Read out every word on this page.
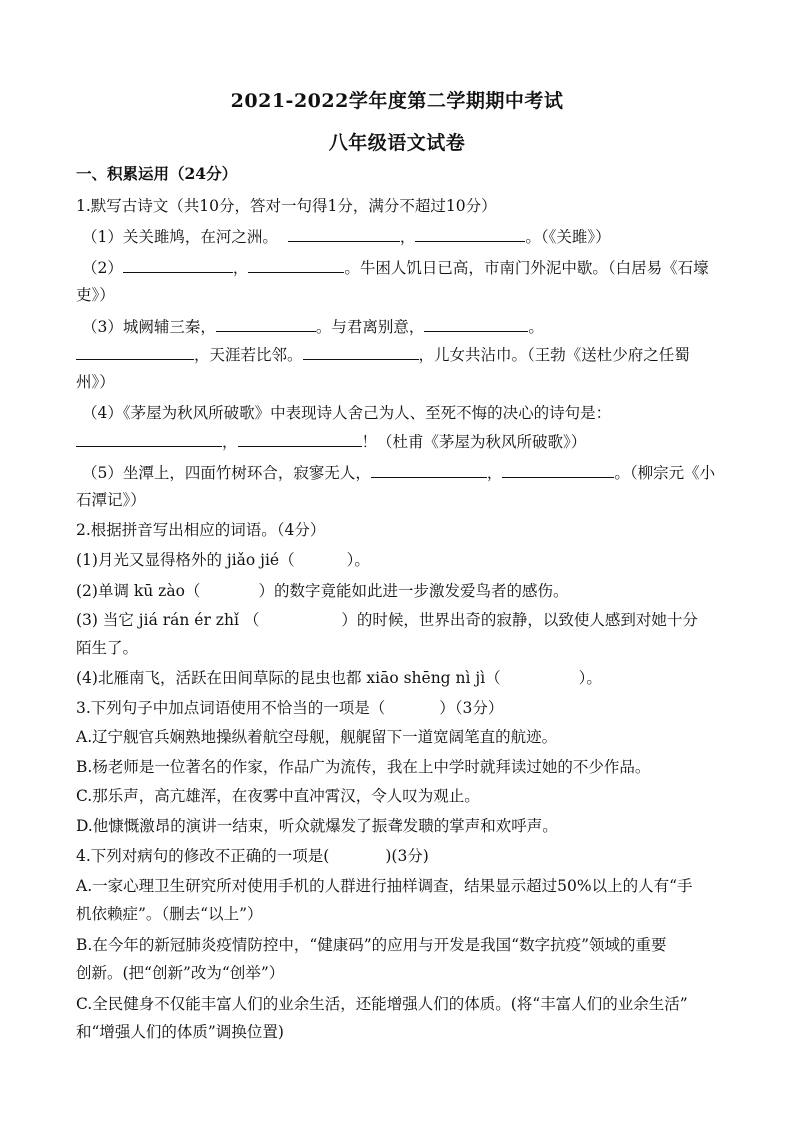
2021-2022学年度第二学期期中考试
八年级语文试卷
一、积累运用（24分）
1.默写古诗文（共10分，答对一句得1分，满分不超过10分）
（1）关关雎鸠，在河之洲。	，	。（《关雎》）
（2）	，	。牛困人饥日已高，市南门外泥中歇。（白居易《石壕
吏》）
（3）城阙辅三秦，	。与君离别意，	。
，天涯若比邻。	，儿女共沾巾。（王勃《送杜少府之任蜀
州》）
（4）《茅屋为秋风所破歌》中表现诗人舍己为人、至死不悔的决心的诗句是：
，	！（杜甫《茅屋为秋风所破歌》）
（5）坐潭上，四面竹树环合，寂寥无人，	，	。（柳宗元《小
石潭记》）
2.根据拼音写出相应的词语。（4分）
(1)月光又显得格外的 jiǎo jié（	）。
(2)单调 kū zào（	）的数字竟能如此进一步激发爱鸟者的感伤。
(3) 当它 jiá rán ér zhǐ （	）的时候，世界出奇的寂静，以致使人感到对她十分
陌生了。
(4)北雁南飞，活跃在田间草际的昆虫也都 xiāo shēng nì jì（	）。
3.下列句子中加点词语使用不恰当的一项是（	）（3分）
A.辽宁舰官兵娴熟地操纵着航空母舰，舰艉留下一道宽阔笔直的航迹。
B.杨老师是一位著名的作家，作品广为流传，我在上中学时就拜读过她的不少作品。
C.那乐声，高亢雄浑，在夜雾中直冲霄汉，令人叹为观止。
D.他慷慨激昂的演讲一结束，听众就爆发了振聋发聩的掌声和欢呼声。
4.下列对病句的修改不正确的一项是(	)(3分)
A.一家心理卫生研究所对使用手机的人群进行抽样调查，结果显示超过50%以上的人有“手
机依赖症”。（删去“以上”）
B.在今年的新冠肺炎疫情防控中，“健康码”的应用与开发是我国“数字抗疫”领域的重要
创新。(把“创新”改为“创举”）
C.全民健身不仅能丰富人们的业余生活，还能增强人们的体质。(将“丰富人们的业余生活”
和“增强人们的体质”调换位置)
